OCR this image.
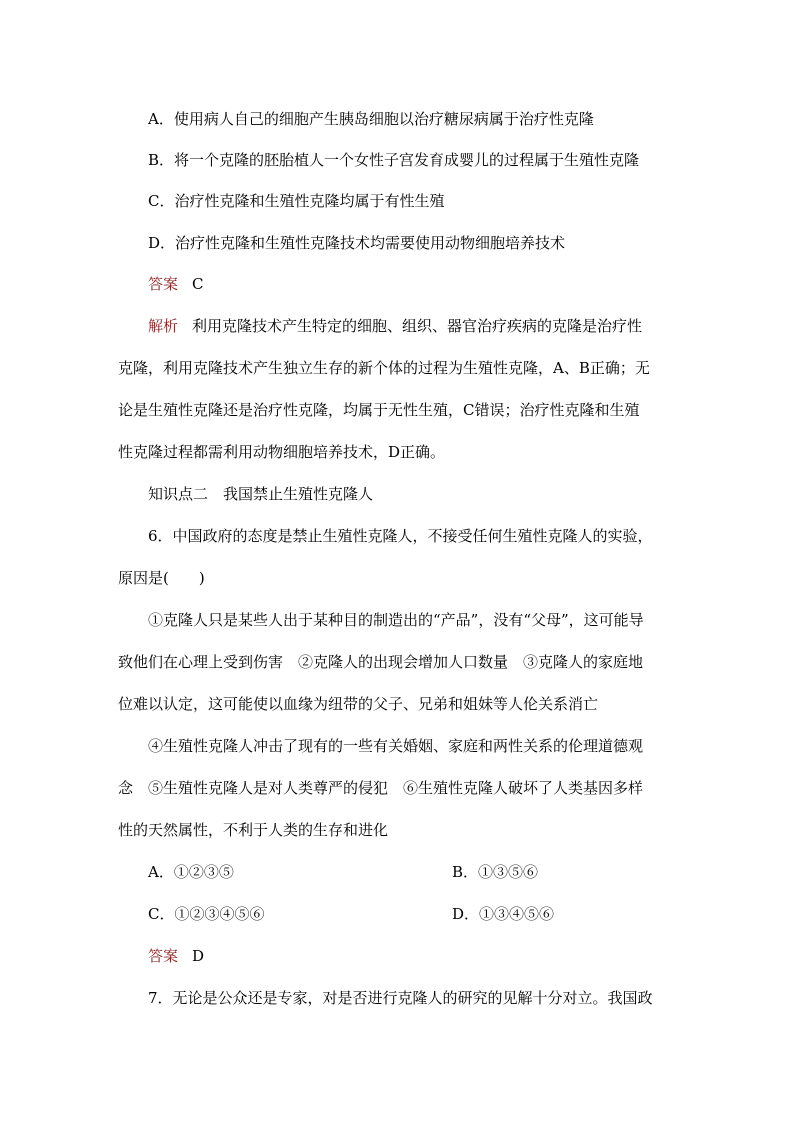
A．使用病人自己的细胞产生胰岛细胞以治疗糖尿病属于治疗性克隆
B．将一个克隆的胚胎植人一个女性子宫发育成婴儿的过程属于生殖性克隆
C．治疗性克隆和生殖性克隆均属于有性生殖
D．治疗性克隆和生殖性克隆技术均需要使用动物细胞培养技术
答案 C
解析 利用克隆技术产生特定的细胞、组织、器官治疗疾病的克隆是治疗性
克隆，利用克隆技术产生独立生存的新个体的过程为生殖性克隆，A、B正确；无
论是生殖性克隆还是治疗性克隆，均属于无性生殖，C错误；治疗性克隆和生殖
性克隆过程都需利用动物细胞培养技术，D正确。
知识点二　我国禁止生殖性克隆人
6．中国政府的态度是禁止生殖性克隆人，不接受任何生殖性克隆人的实验，
原因是(　　)
①克隆人只是某些人出于某种目的制造出的“产品”，没有“父母”，这可能导
致他们在心理上受到伤害　②克隆人的出现会增加人口数量　③克隆人的家庭地
位难以认定，这可能使以血缘为纽带的父子、兄弟和姐妹等人伦关系消亡
④生殖性克隆人冲击了现有的一些有关婚姻、家庭和两性关系的伦理道德观
念　⑤生殖性克隆人是对人类尊严的侵犯　⑥生殖性克隆人破坏了人类基因多样
性的天然属性，不利于人类的生存和进化
A．①②③⑤	B．①③⑤⑥
C．①②③④⑤⑥	D．①③④⑤⑥
答案 D
7．无论是公众还是专家，对是否进行克隆人的研究的见解十分对立。我国政
